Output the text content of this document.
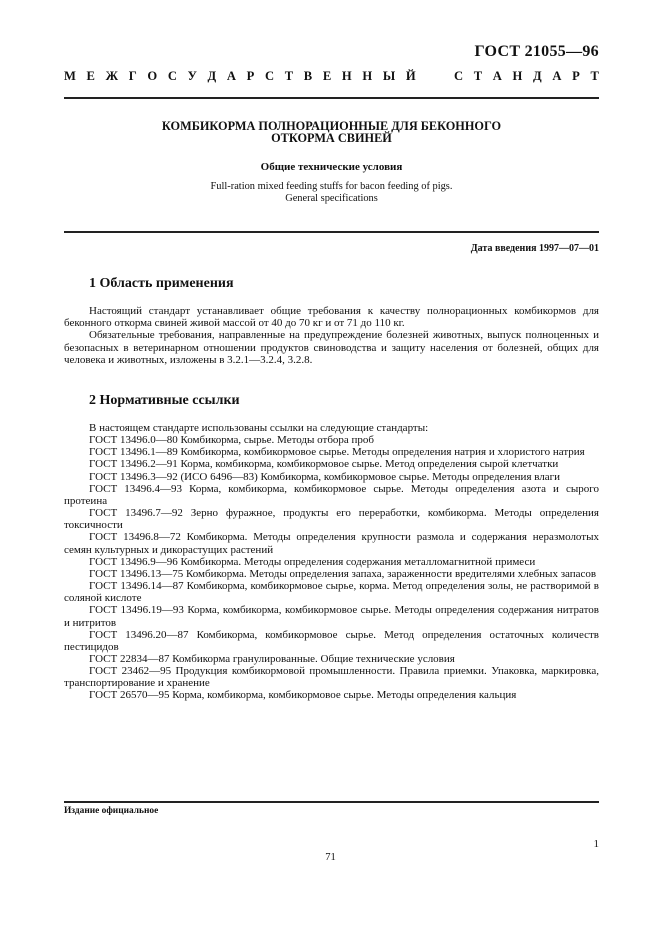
ГОСТ 21055—96
М Е Ж Г О С У Д А Р С Т В Е Н Н Ы Й

	С Т А Н Д А Р Т
КОМБИКОРМА ПОЛНОРАЦИОННЫЕ ДЛЯ БЕКОННОГО
ОТКОРМА СВИНЕЙ
Общие технические условия
Full-ration mixed feeding stuffs for bacon feeding of pigs.
General specifications
Дата введения 1997—07—01
1 Область применения

Настоящий стандарт устанавливает общие требования к качеству полнорационных комбикормов для беконного откорма свиней живой массой от 40 до 70 кг и от 71 до 110 кг.

Обязательные требования, направленные на предупреждение болезней животных, выпуск полноценных и безопасных в ветеринарном отношении продуктов свиноводства и защиту населения от болезней, общих для человека и животных, изложены в 3.2.1—3.2.4, 3.2.8.

2 Нормативные ссылки
В настоящем стандарте использованы ссылки на следующие стандарты:
ГОСТ 13496.0—80 Комбикорма, сырье. Методы отбора проб
ГОСТ 13496.1—89 Комбикорма, комбикормовое сырье. Методы определения натрия и хлористого натрия
ГОСТ 13496.2—91 Корма, комбикорма, комбикормовое сырье. Метод определения сырой клетчатки
ГОСТ 13496.3—92 (ИСО 6496—83) Комбикорма, комбикормовое сырье. Методы определения влаги
ГОСТ 13496.4—93 Корма, комбикорма, комбикормовое сырье. Методы определения азота и сырого протеина
ГОСТ 13496.7—92 Зерно фуражное, продукты его переработки, комбикорма. Методы определения токсичности
ГОСТ 13496.8—72 Комбикорма. Методы определения крупности размола и содержания неразмолотых семян культурных и дикорастущих растений
ГОСТ 13496.9—96 Комбикорма. Методы определения содержания металломагнитной примеси
ГОСТ 13496.13—75 Комбикорма. Методы определения запаха, зараженности вредителями хлебных запасов
ГОСТ 13496.14—87 Комбикорма, комбикормовое сырье, корма. Метод определения золы, не растворимой в соляной кислоте
ГОСТ 13496.19—93 Корма, комбикорма, комбикормовое сырье. Методы определения содержания нитратов и нитритов
ГОСТ 13496.20—87 Комбикорма, комбикормовое сырье. Метод определения остаточных количеств пестицидов
ГОСТ 22834—87 Комбикорма гранулированные. Общие технические условия
ГОСТ 23462—95 Продукция комбикормовой промышленности. Правила приемки. Упаковка, маркировка, транспортирование и хранение
ГОСТ 26570—95 Корма, комбикорма, комбикормовое сырье. Методы определения кальция
Издание официальное
1
71
